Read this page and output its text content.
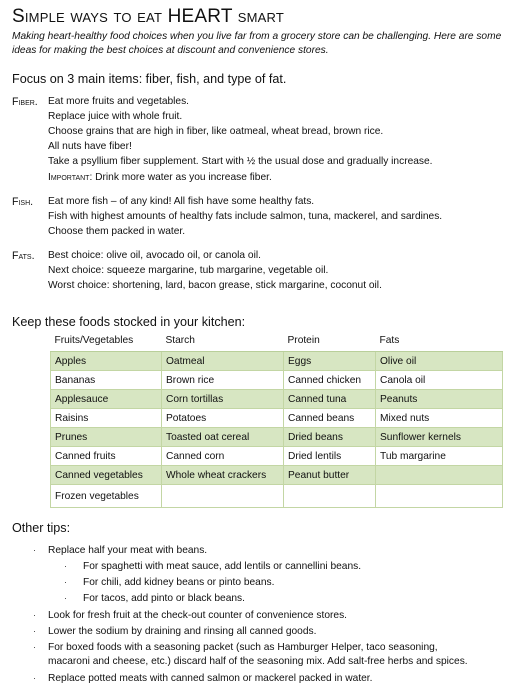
Simple ways to eat HEART smart
Making heart-healthy food choices when you live far from a grocery store can be challenging. Here are some ideas for making the best choices at discount and convenience stores.
Focus on 3 main items: fiber, fish, and type of fat.
Fiber. Eat more fruits and vegetables.
Replace juice with whole fruit.
Choose grains that are high in fiber, like oatmeal, wheat bread, brown rice.
All nuts have fiber!
Take a psyllium fiber supplement. Start with ½ the usual dose and gradually increase.
Important: Drink more water as you increase fiber.
Fish. Eat more fish – of any kind! All fish have some healthy fats.
Fish with highest amounts of healthy fats include salmon, tuna, mackerel, and sardines.
Choose them packed in water.
Fats. Best choice: olive oil, avocado oil, or canola oil.
Next choice: squeeze margarine, tub margarine, vegetable oil.
Worst choice: shortening, lard, bacon grease, stick margarine, coconut oil.
Keep these foods stocked in your kitchen:
Fruits/Vegetables	Starch	Protein	Fats
Apples	Oatmeal	Eggs	Olive oil
Bananas	Brown rice	Canned chicken	Canola oil
Applesauce	Corn tortillas	Canned tuna	Peanuts
Raisins	Potatoes	Canned beans	Mixed nuts
Prunes	Toasted oat cereal	Dried beans	Sunflower kernels
Canned fruits	Canned corn	Dried lentils	Tub margarine
Canned vegetables	Whole wheat crackers	Peanut butter	
Frozen vegetables			
Other tips:
· Replace half your meat with beans.
· For spaghetti with meat sauce, add lentils or cannellini beans.
· For chili, add kidney beans or pinto beans.
· For tacos, add pinto or black beans.
· Look for fresh fruit at the check-out counter of convenience stores.
· Lower the sodium by draining and rinsing all canned goods.
· For boxed foods with a seasoning packet (such as Hamburger Helper, taco seasoning,
macaroni and cheese, etc.) discard half of the seasoning mix. Add salt-free herbs and spices.
· Replace potted meats with canned salmon or mackerel packed in water.
